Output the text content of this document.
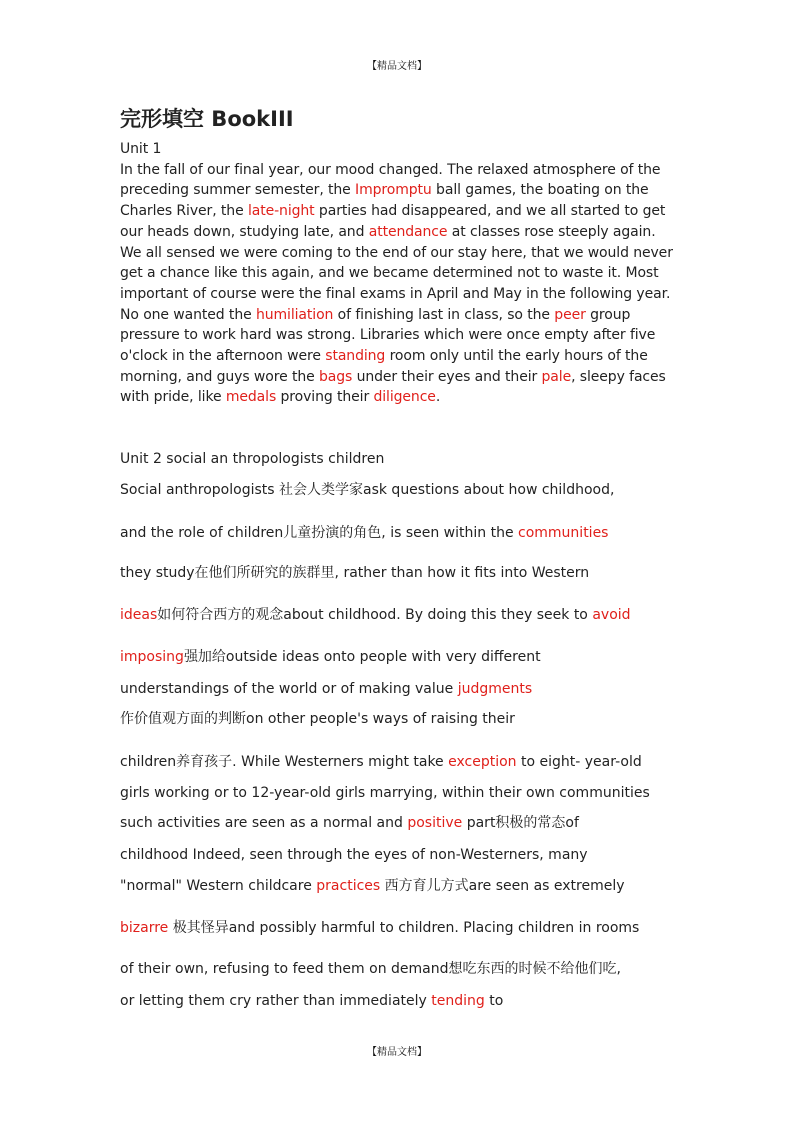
【精品文档】
完形填空 BookIII
Unit 1
In the fall of our final year, our mood changed. The relaxed atmosphere of the preceding summer semester, the Impromptu ball games, the boating on the Charles River, the late-night parties had disappeared, and we all started to get our heads down, studying late, and attendance at classes rose steeply again. We all sensed we were coming to the end of our stay here, that we would never get a chance like this again, and we became determined not to waste it. Most important of course were the final exams in April and May in the following year. No one wanted the humiliation of finishing last in class, so the peer group pressure to work hard was strong. Libraries which were once empty after five o'clock in the afternoon were standing room only until the early hours of the morning, and guys wore the bags under their eyes and their pale, sleepy faces with pride, like medals proving their diligence.
Unit 2 social an thropologists children
Social anthropologists 社会人类学家ask questions about how childhood,
and the role of children儿童扮演的角色, is seen within the communities
they study在他们所研究的族群里, rather than how it fits into Western
ideas如何符合西方的观念about childhood. By doing this they seek to avoid
imposing强加给outside ideas onto people with very different
understandings of the world or of making value judgments
作价值观方面的判断on other people's ways of raising their
children养育孩子. While Westerners might take exception to eight- year-old
girls working or to 12-year-old girls marrying, within their own communities
such activities are seen as a normal and positive part积极的常态of
childhood Indeed, seen through the eyes of non-Westerners, many
"normal" Western childcare practices 西方育儿方式are seen as extremely
bizarre 极其怪异and possibly harmful to children. Placing children in rooms
of their own, refusing to feed them on demand想吃东西的时候不给他们吃,
or letting them cry rather than immediately tending to
【精品文档】
